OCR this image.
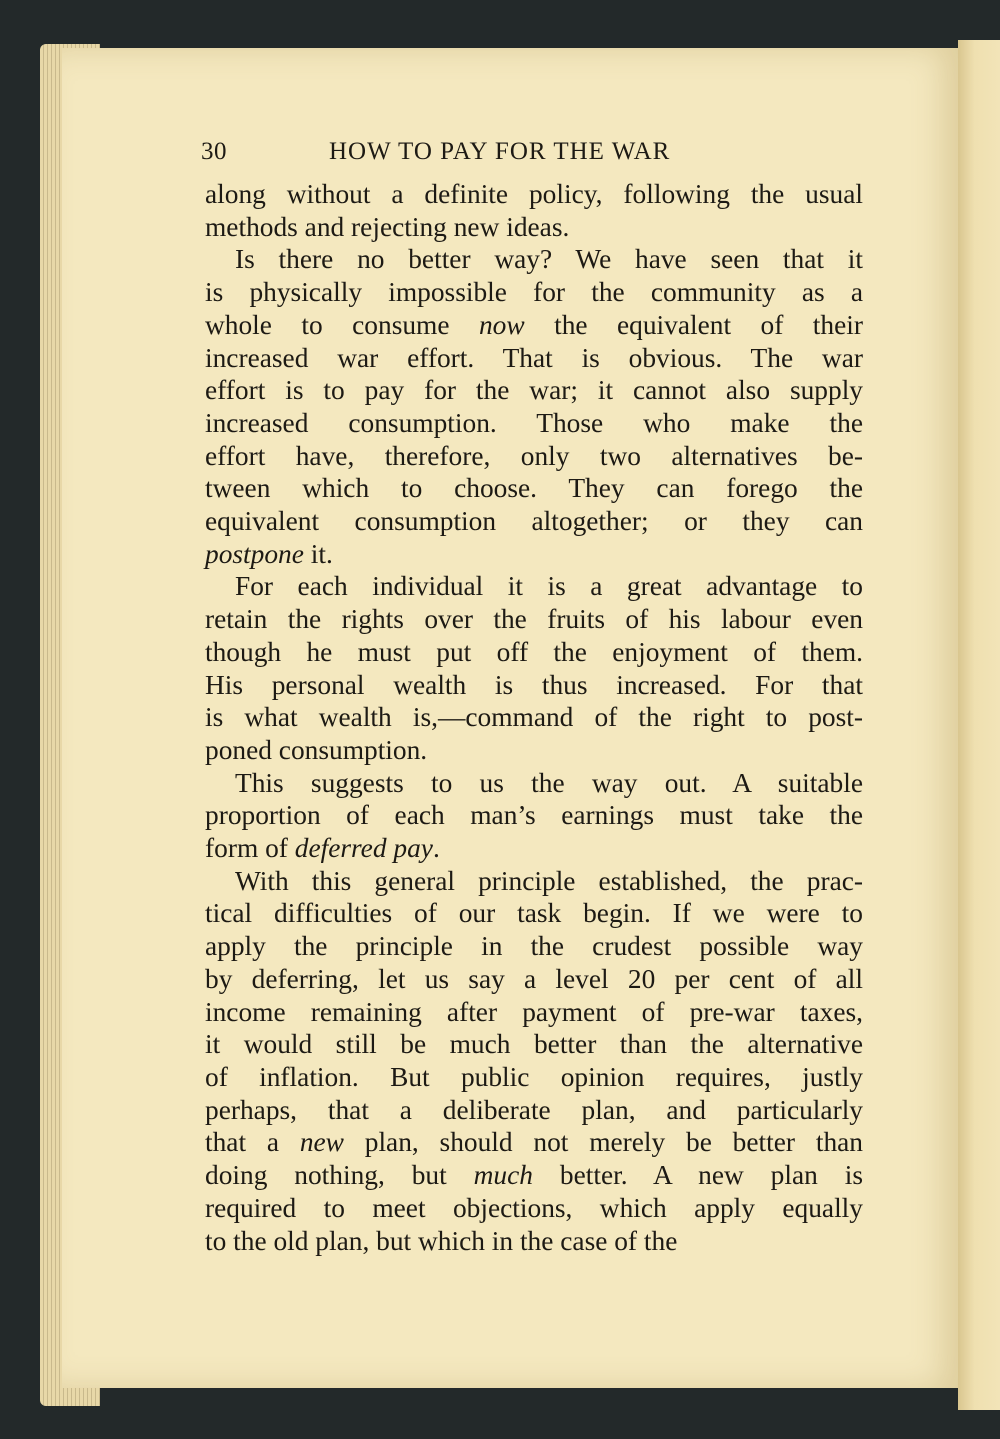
30	HOW TO PAY FOR THE WAR
along without a definite policy, following the usual
methods and rejecting new ideas.
Is there no better way? We have seen that it
is physically impossible for the community as a
whole to consume now the equivalent of their
increased war effort. That is obvious. The war
effort is to pay for the war; it cannot also supply
increased consumption. Those who make the
effort have, therefore, only two alternatives be-
tween which to choose. They can forego the
equivalent consumption altogether; or they can
postpone it.
For each individual it is a great advantage to
retain the rights over the fruits of his labour even
though he must put off the enjoyment of them.
His personal wealth is thus increased. For that
is what wealth is,—command of the right to post-
poned consumption.
This suggests to us the way out. A suitable
proportion of each man’s earnings must take the
form of deferred pay.
With this general principle established, the prac-
tical difficulties of our task begin. If we were to
apply the principle in the crudest possible way
by deferring, let us say a level 20 per cent of all
income remaining after payment of pre-war taxes,
it would still be much better than the alternative
of inflation. But public opinion requires, justly
perhaps, that a deliberate plan, and particularly
that a new plan, should not merely be better than
doing nothing, but much better. A new plan is
required to meet objections, which apply equally
to the old plan, but which in the case of the
